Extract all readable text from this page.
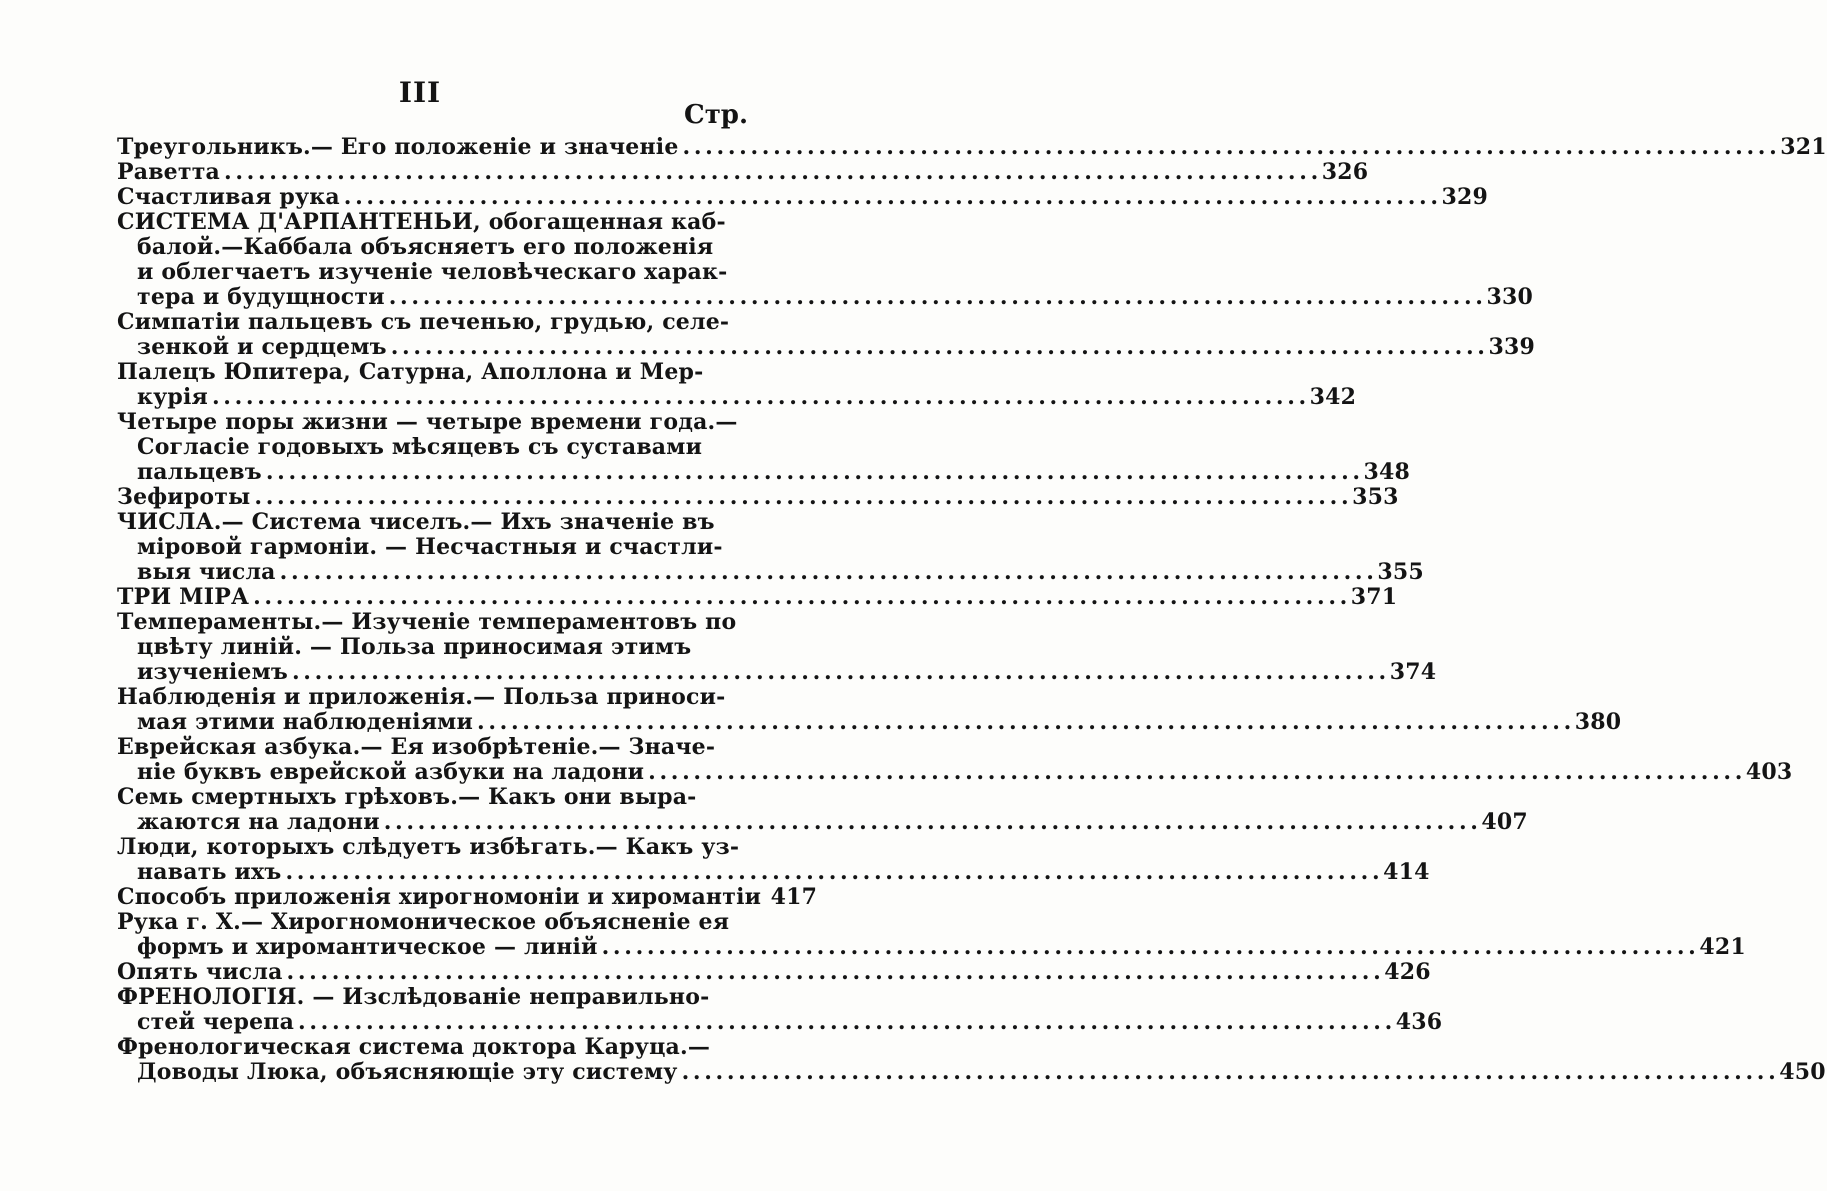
III
Стр.
Треугольникъ.— Его положеніе и значеніе . . .	321
Раветта . . .	326
Счастливая рука . . .	329
СИСТЕМА Д'АРПАНТЕНЬИ, обогащенная каб-
балой.—Каббала объясняетъ его положенія
и облегчаетъ изученіе человѣческаго харак-
тера и будущности . . .	330
Симпатіи пальцевъ съ печенью, грудью, селе-
зенкой и сердцемъ . . .	339
Палецъ Юпитера, Сатурна, Аполлона и Мер-
курія . . .	342
Четыре поры жизни — четыре времени года.—
Согласіе годовыхъ мѣсяцевъ съ суставами
пальцевъ . . .	348
Зефироты . . .	353
ЧИСЛА.— Система чиселъ.— Ихъ значеніе въ
міровой гармоніи. — Несчастныя и счастли-
выя числа . . .	355
ТРИ МІРА . . .	371
Темпераменты.— Изученіе темпераментовъ по
цвѣту линій. — Польза приносимая этимъ
изученіемъ . . .	374
Наблюденія и приложенія.— Польза приноси-
мая этими наблюденіями . . .	380
Еврейская азбука.— Ея изобрѣтеніе.— Значе-
ніе буквъ еврейской азбуки на ладони . . .	403
Семь смертныхъ грѣховъ.— Какъ они выра-
жаются на ладони . . .	407
Люди, которыхъ слѣдуетъ избѣгать.— Какъ уз-
навать ихъ . . .	414
Способъ приложенія хирогномоніи и хиромантіи 417
Рука г. Х.— Хирогномоническое объясненіе ея
формъ и хиромантическое — линій . . .	421
Опять числа . . .	426
ФРЕНОЛОГІЯ. — Изслѣдованіе неправильно-
стей черепа . . .	436
Френологическая система доктора Каруца.—
Доводы Люка, объясняющіе эту систему . . .	450
